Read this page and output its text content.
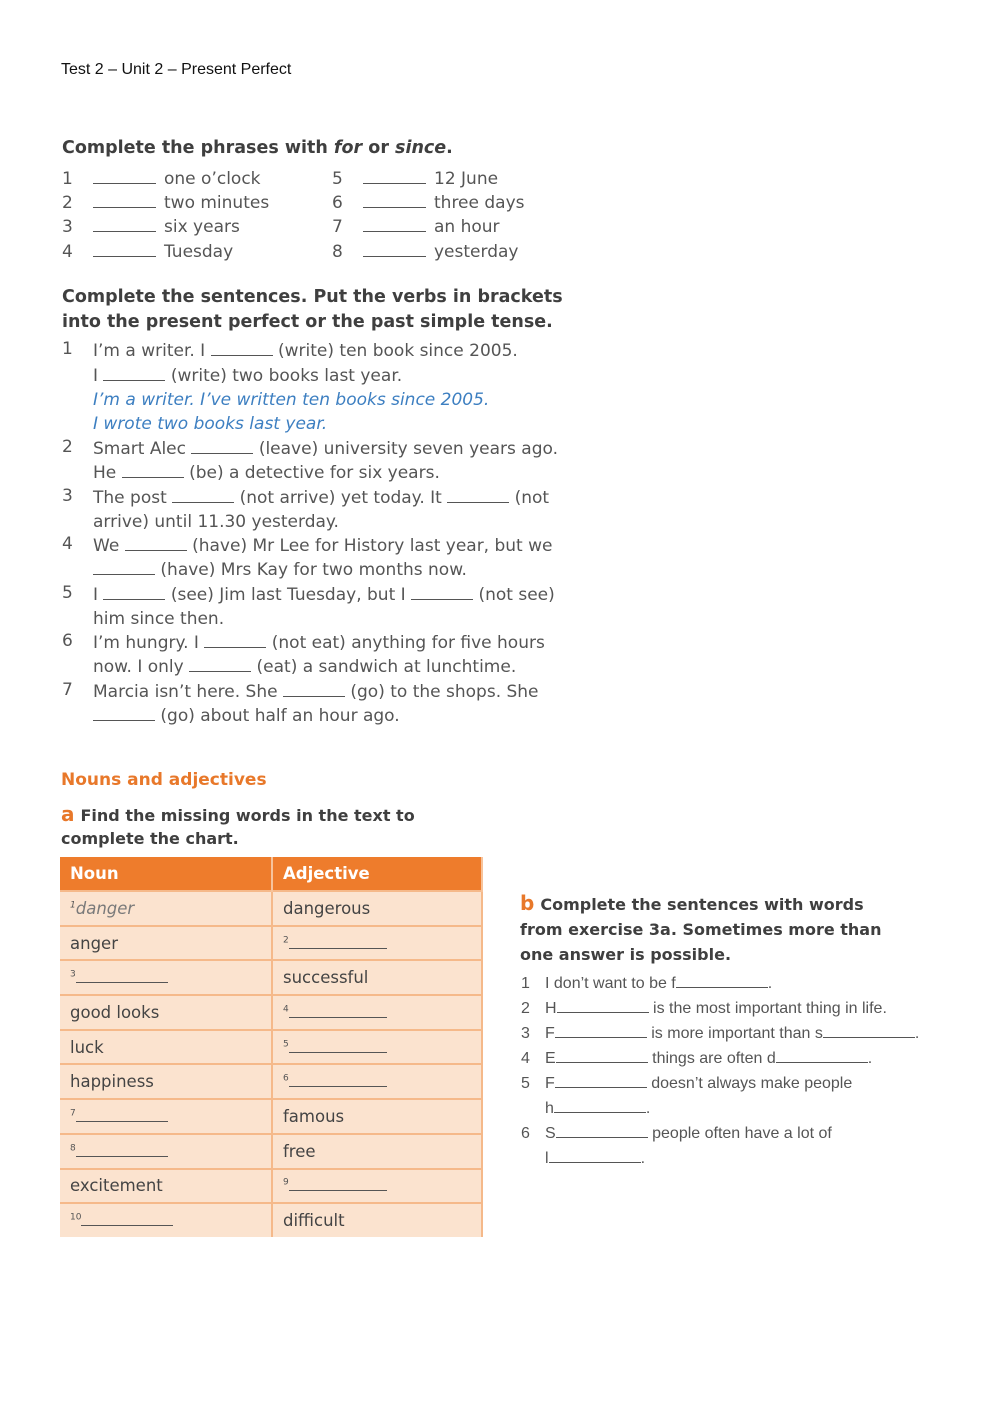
Test 2 – Unit 2 – Present Perfect
Complete the phrases with for or since.
1	one o’clock
2	two minutes
3	six years
4	Tuesday
5	12 June
6	three days
7	an hour
8	yesterday
Complete the sentences. Put the verbs in brackets
into the present perfect or the past simple tense.
1 I’m a writer. I	(write) ten book since 2005.
I	(write) two books last year.
I’m a writer. I’ve written ten books since 2005.
I wrote two books last year.
2 Smart Alec	(leave) university seven years ago.
He	(be) a detective for six years.
3 The post	(not arrive) yet today. It	(not
arrive) until 11.30 yesterday.
4 We	(have) Mr Lee for History last year, but we
(have) Mrs Kay for two months now.
5 I	(see) Jim last Tuesday, but I	(not see)
him since then.
6 I’m hungry. I	(not eat) anything for five hours
now. I only	(eat) a sandwich at lunchtime.
7 Marcia isn’t here. She	(go) to the shops. She
(go) about half an hour ago.
Nouns and adjectives
a Find the missing words in the text to complete the chart.
Noun	Adjective
$^1$danger	dangerous
anger	$^2$
$^3$	successful
good looks	$^4$
luck	$^5$
happiness	$^6$
$^7$	famous
$^8$	free
excitement	$^9$
$^{10}$	difficult
b Complete the sentences with words from exercise 3a. Sometimes more than one answer is possible.
1 I don’t want to be f	.
2 H	is the most important thing in life.
3 F	is more important than s	.
4 E	things are often d	.
5 F	doesn’t always make people
h	.
6 S	people often have a lot of
l	.
